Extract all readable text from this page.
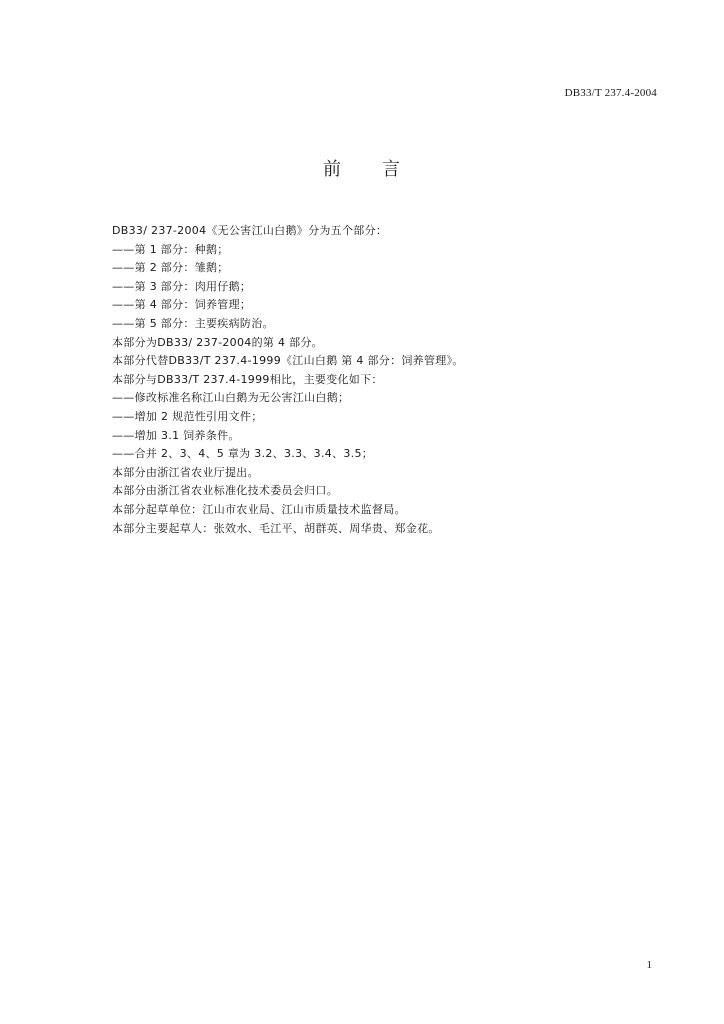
DB33/T 237.4-2004
前 言

DB33/ 237-2004《无公害江山白鹅》分为五个部分：

——第 1 部分：种鹅；

——第 2 部分：雏鹅；

——第 3 部分：肉用仔鹅；

——第 4 部分：饲养管理；

——第 5 部分：主要疾病防治。

本部分为DB33/ 237-2004的第 4 部分。

本部分代替DB33/T 237.4-1999《江山白鹅 第 4 部分：饲养管理》。

本部分与DB33/T 237.4-1999相比，主要变化如下：

——修改标准名称江山白鹅为无公害江山白鹅；

——增加 2 规范性引用文件；

——增加 3.1 饲养条件。

——合并 2、3、4、5 章为 3.2、3.3、3.4、3.5；

本部分由浙江省农业厅提出。

本部分由浙江省农业标准化技术委员会归口。

本部分起草单位：江山市农业局、江山市质量技术监督局。

本部分主要起草人：张效水、毛江平、胡群英、周华贵、郑金花。

1
